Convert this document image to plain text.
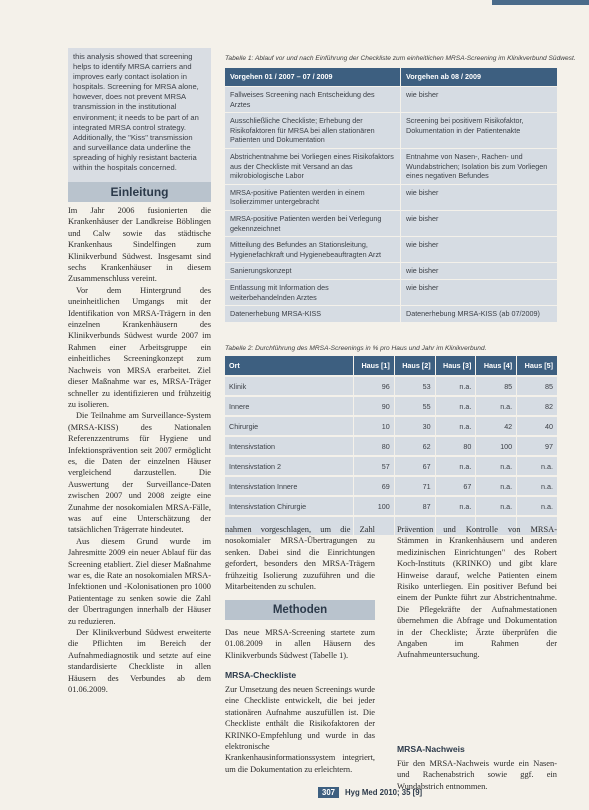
this analysis showed that screening helps to identify MRSA carriers and improves early contact isolation in hospitals. Screening for MRSA alone, however, does not prevent MRSA transmission in the institutional environment; it needs to be part of an integrated MRSA control strategy. Additionally, the "Kiss" transmission and surveillance data underline the spreading of highly resistant bacteria within the hospitals concerned.

Einleitung

Im Jahr 2006 fusionierten die Krankenhäuser der Landkreise Böblingen und Calw sowie das städtische Krankenhaus Sindelfingen zum Klinikverbund Südwest. Insgesamt sind sechs Krankenhäuser in diesem Zusammenschluss vereint.

Vor dem Hintergrund des uneinheitlichen Umgangs mit der Identifikation von MRSA-Trägern in den einzelnen Krankenhäusern des Klinikverbunds Südwest wurde 2007 im Rahmen einer Arbeitsgruppe ein einheitliches Screeningkonzept zum Nachweis von MRSA erarbeitet. Ziel dieser Maßnahme war es, MRSA-Träger schneller zu identifizieren und frühzeitig zu isolieren.

Die Teilnahme am Surveillance-System (MRSA-KISS) des Nationalen Referenzzentrums für Hygiene und Infektionsprävention seit 2007 ermöglicht es, die Daten der einzelnen Häuser vergleichend darzustellen. Die Auswertung der Surveillance-Daten zwischen 2007 und 2008 zeigte eine Zunahme der nosokomialen MRSA-Fälle, was auf eine Unterschätzung der tatsächlichen Trägerrate hindeutet.

Aus diesem Grund wurde im Jahresmitte 2009 ein neuer Ablauf für das Screening etabliert. Ziel dieser Maßnahme war es, die Rate an nosokomialen MRSA-Infektionen und -Kolonisationen pro 1000 Patiententage zu senken sowie die Zahl der Übertragungen innerhalb der Häuser zu reduzieren.

Der Klinikverbund Südwest erweiterte die Pflichten im Bereich der Aufnahmediagnostik und setzte auf eine standardisierte Checkliste in allen Häusern des Verbundes ab dem 01.06.2009.

Tabelle 1: Ablauf vor und nach Einführung der Checkliste zum einheitlichen MRSA-Screening im Klinikverbund Südwest.
Vorgehen 01 / 2007 – 07 / 2009	Vorgehen ab 08 / 2009
Fallweises Screening nach Entscheidung des Arztes	wie bisher
Ausschließliche Checkliste; Erhebung der Risikofaktoren für MRSA bei allen stationären Patienten und Dokumentation	Screening bei positivem Risikofaktor, Dokumentation in der Patientenakte
Abstrichentnahme bei Vorliegen eines Risikofaktors aus der Checkliste mit Versand an das mikrobiologische Labor	Entnahme von Nasen-, Rachen- und Wundabstrichen; Isolation bis zum Vorliegen eines negativen Befundes
MRSA-positive Patienten werden in einem Isolierzimmer untergebracht	wie bisher
MRSA-positive Patienten werden bei Verlegung gekennzeichnet	wie bisher
Mitteilung des Befundes an Stationsleitung, Hygienefachkraft und Hygienebeauftragten Arzt	wie bisher
Sanierungskonzept	wie bisher
Entlassung mit Information des weiterbehandelnden Arztes	wie bisher
Datenerhebung MRSA-KISS	Datenerhebung MRSA-KISS (ab 07/2009)
Tabelle 2: Durchführung des MRSA-Screenings in % pro Haus und Jahr im Klinikverbund.
Ort	Haus [1]	Haus [2]	Haus [3]	Haus [4]	Haus [5]
Klinik	96	53	n.a.	85	85
Innere	90	55	n.a.	n.a.	82
Chirurgie	10	30	n.a.	42	40
Intensivstation	80	62	80	100	97
Intensivstation 2	57	67	n.a.	n.a.	n.a.
Intensivstation Innere	69	71	67	n.a.	n.a.
Intensivstation Chirurgie	100	87	n.a.	n.a.	n.a.

nahmen vorgeschlagen, um die Zahl nosokomialer MRSA-Übertragungen zu senken. Dabei sind die Einrichtungen gefordert, besonders den MRSA-Trägern frühzeitig Isolierung zuzuführen und die Mitarbeitenden zu schulen.

Methoden

Das neue MRSA-Screening startete zum 01.08.2009 in allen Häusern des Klinikverbunds Südwest (Tabelle 1).

MRSA-Checkliste

Zur Umsetzung des neuen Screenings wurde eine Checkliste entwickelt, die bei jeder stationären Aufnahme auszufüllen ist. Die Checkliste enthält die Risikofaktoren der KRINKO-Empfehlung und wurde in das elektronische Krankenhausinformationssystem integriert, um die Dokumentation zu erleichtern.

Prävention und Kontrolle von MRSA-Stämmen in Krankenhäusern und anderen medizinischen Einrichtungen" des Robert Koch-Instituts (KRINKO) und gibt klare Hinweise darauf, welche Patienten einem Risiko unterliegen. Ein positiver Befund bei einem der Punkte führt zur Abstrichentnahme. Die Pflegekräfte der Aufnahmestationen übernehmen die Abfrage und Dokumentation in der Checkliste; Ärzte überprüfen die Angaben im Rahmen der Aufnahmeuntersuchung.

MRSA-Nachweis

Für den MRSA-Nachweis wurde ein Nasen- und Rachenabstrich sowie ggf. ein Wundabstrich entnommen.

307	Hyg Med 2010; 35 [9]
